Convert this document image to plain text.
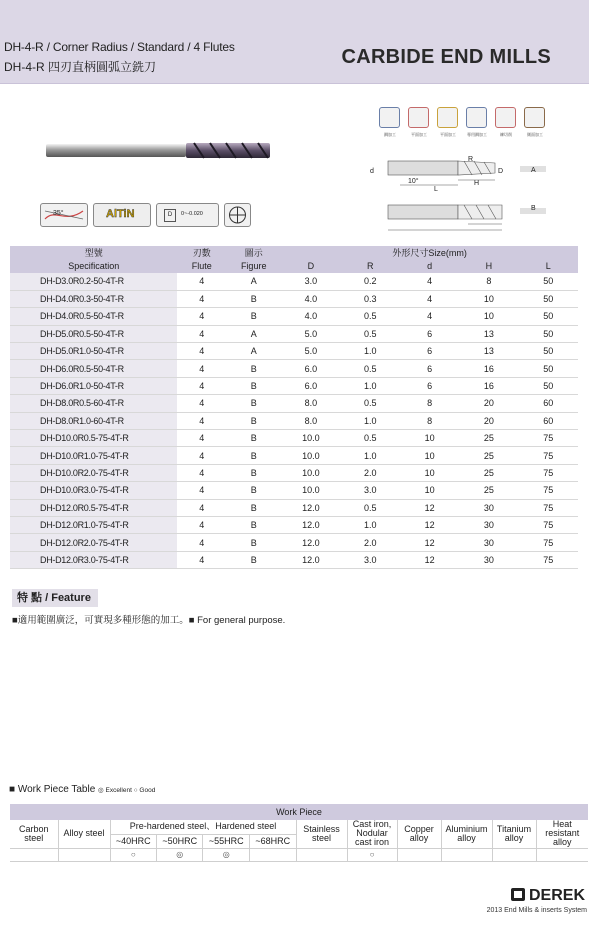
DH-4-R / Corner Radius / Standard / 4 Flutes
DH-4-R 四刃直柄圓弧立銑刀	CARBIDE END MILLS
鋼加工	平面加工	平面加工	專用鋼加工	練切削	側面加工
35°	AlTiN	D	0~-0.020
R
D
d
H
L
10°
A
B
型號	刃數	圖示	外形尺寸Size(mm)				
Specification	Flute	Figure	D	R	d	H	L
DH-D3.0R0.2-50-4T-R	4	A	3.0	0.2	4	8	50
DH-D4.0R0.3-50-4T-R	4	B	4.0	0.3	4	10	50
DH-D4.0R0.5-50-4T-R	4	B	4.0	0.5	4	10	50
DH-D5.0R0.5-50-4T-R	4	A	5.0	0.5	6	13	50
DH-D5.0R1.0-50-4T-R	4	A	5.0	1.0	6	13	50
DH-D6.0R0.5-50-4T-R	4	B	6.0	0.5	6	16	50
DH-D6.0R1.0-50-4T-R	4	B	6.0	1.0	6	16	50
DH-D8.0R0.5-60-4T-R	4	B	8.0	0.5	8	20	60
DH-D8.0R1.0-60-4T-R	4	B	8.0	1.0	8	20	60
DH-D10.0R0.5-75-4T-R	4	B	10.0	0.5	10	25	75
DH-D10.0R1.0-75-4T-R	4	B	10.0	1.0	10	25	75
DH-D10.0R2.0-75-4T-R	4	B	10.0	2.0	10	25	75
DH-D10.0R3.0-75-4T-R	4	B	10.0	3.0	10	25	75
DH-D12.0R0.5-75-4T-R	4	B	12.0	0.5	12	30	75
DH-D12.0R1.0-75-4T-R	4	B	12.0	1.0	12	30	75
DH-D12.0R2.0-75-4T-R	4	B	12.0	2.0	12	30	75
DH-D12.0R3.0-75-4T-R	4	B	12.0	3.0	12	30	75
特 點 / Feature
■適用範圍廣泛，可實現多種形態的加工。■ For general purpose.
■ Work Piece Table ◎ Excellent ○ Good
Work Piece											
Carbon steel	Alloy steel	Pre-hardened steel、Hardened steel				Stainless steel	Cast iron, Nodular cast iron	Copper alloy	Aluminium alloy	Titanium alloy	Heat resistant alloy
		~40HRC	~50HRC	~55HRC	~68HRC						
		○	◎	◎			○				
DEREK
2013 End Mills & inserts System
